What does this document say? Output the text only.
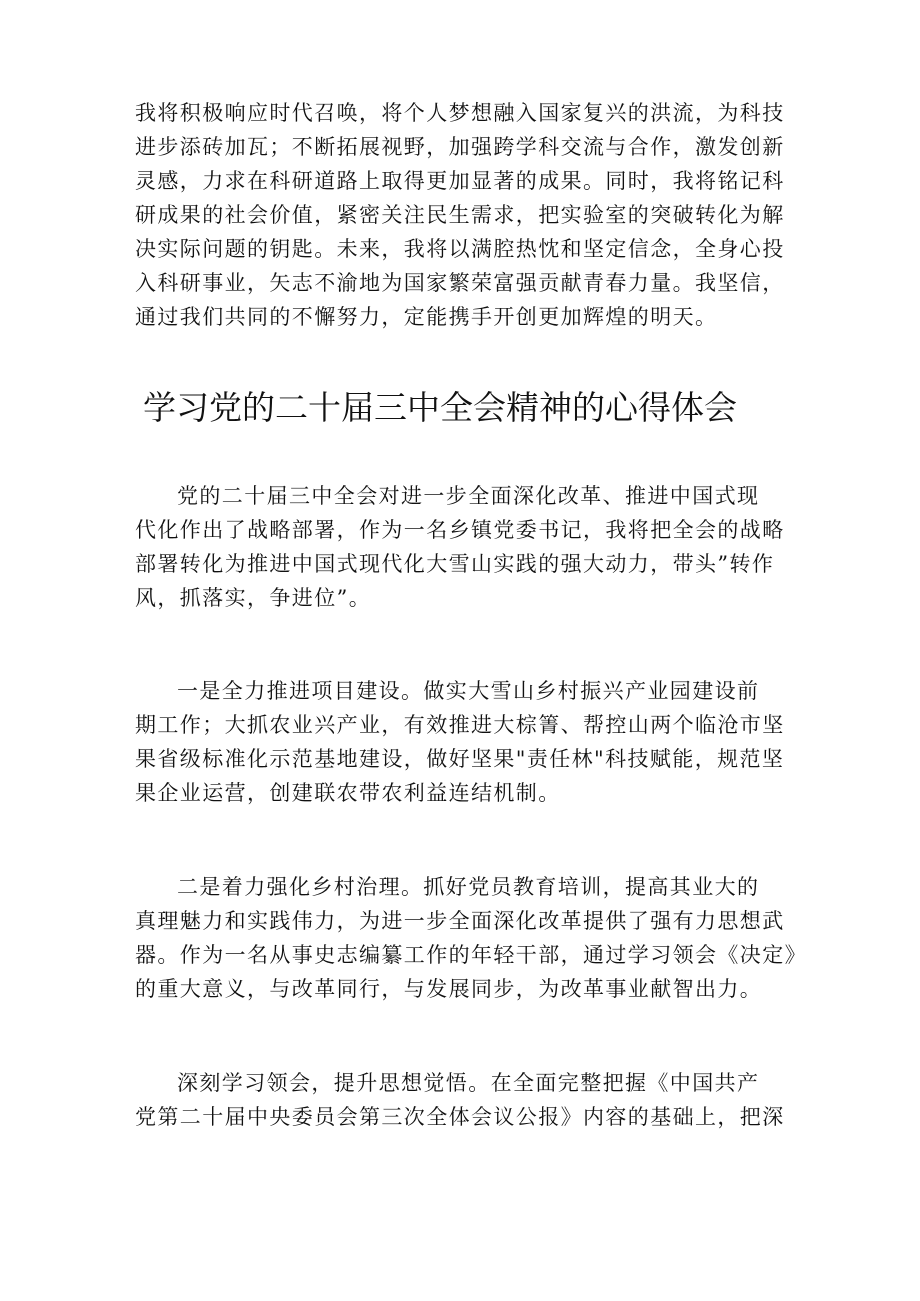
我将积极响应时代召唤，将个人梦想融入国家复兴的洪流，为科技
进步添砖加瓦；不断拓展视野，加强跨学科交流与合作，激发创新
灵感，力求在科研道路上取得更加显著的成果。同时，我将铭记科
研成果的社会价值，紧密关注民生需求，把实验室的突破转化为解
决实际问题的钥匙。未来，我将以满腔热忱和坚定信念，全身心投
入科研事业，矢志不渝地为国家繁荣富强贡献青春力量。我坚信，
通过我们共同的不懈努力，定能携手开创更加辉煌的明天。
学习党的二十届三中全会精神的心得体会
党的二十届三中全会对进一步全面深化改革、推进中国式现
代化作出了战略部署，作为一名乡镇党委书记，我将把全会的战略
部署转化为推进中国式现代化大雪山实践的强大动力，带头”转作
风，抓落实，争进位”。
一是全力推进项目建设。做实大雪山乡村振兴产业园建设前
期工作；大抓农业兴产业，有效推进大棕箐、帮控山两个临沧市坚
果省级标准化示范基地建设，做好坚果"责任林"科技赋能，规范坚
果企业运营，创建联农带农利益连结机制。
二是着力强化乡村治理。抓好党员教育培训，提高其业大的
真理魅力和实践伟力，为进一步全面深化改革提供了强有力思想武
器。作为一名从事史志编纂工作的年轻干部，通过学习领会《决定》
的重大意义，与改革同行，与发展同步，为改革事业献智出力。
深刻学习领会，提升思想觉悟。在全面完整把握《中国共产
党第二十届中央委员会第三次全体会议公报》内容的基础上，把深
